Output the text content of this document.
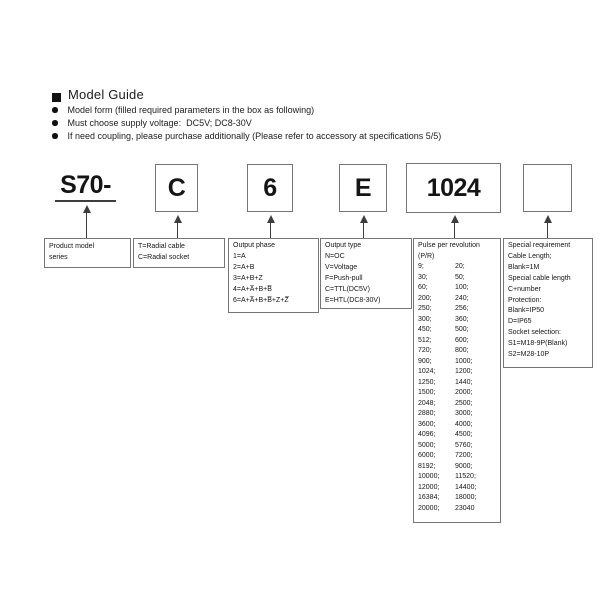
Model Guide
Model form (filled required parameters in the box as following)
Must choose supply voltage:  DC5V; DC8-30V
If need coupling, please purchase additionally (Please refer to accessory at specifications 5/5)
S70-	C	6	E	1024
Product model
series
T=Radial cable
C=Radial socket
Output phase
1=A
2=A+B
3=A+B+Z
4=A+A̅+B+B̅
6=A+A̅+B+B̅+Z+Z̅
Output type
N=OC
V=Voltage
F=Push-pull
C=TTL(DC5V)
E=HTL(DC8-30V)
Pulse per revolution
(P/R)
9;	20;
30;	50;
60;	100;
200;	240;
250;	256;
300;	360;
450;	500;
512;	600;
720;	800;
900;	1000;
1024;	1200;
1250;	1440;
1500;	2000;
2048;	2500;
2880;	3000;
3600;	4000;
4096;	4500;
5000;	5760;
6000;	7200;
8192;	9000;
10000;	11520;
12000;	14400;
16384;	18000;
20000;	23040
Special requirement
Cable Length;
Blank=1M
Special cable length
C+number
Protection:
Blank=IP50
D=IP65
Socket selection:
S1=M18-9P(Blank)
S2=M28-10P
